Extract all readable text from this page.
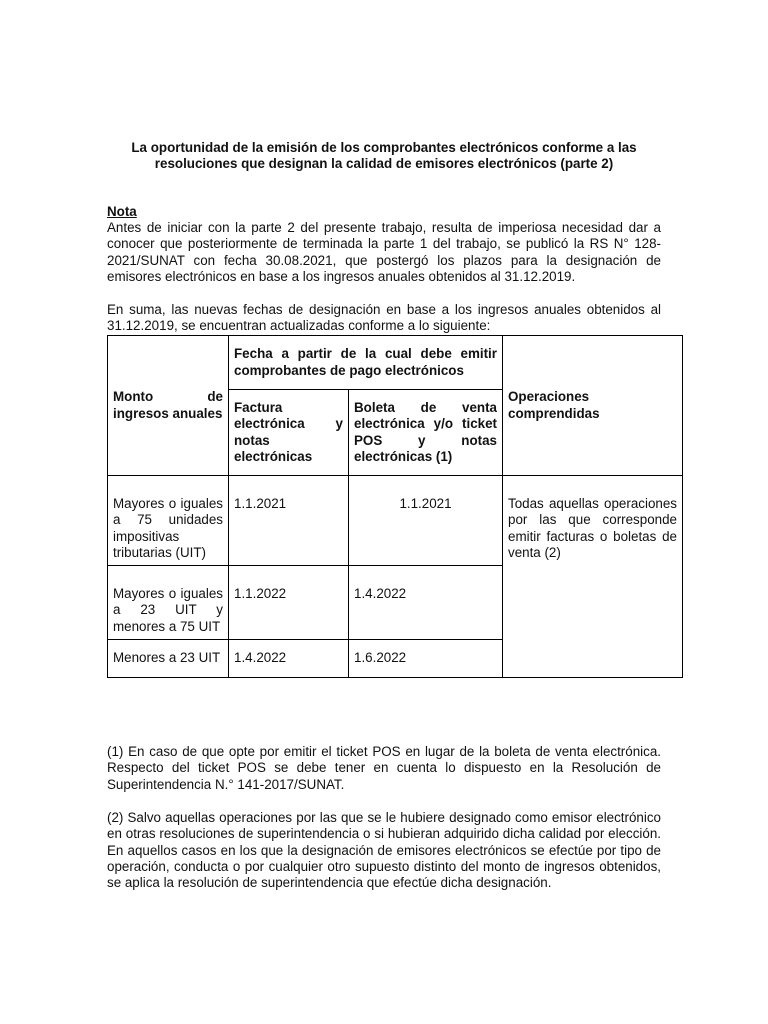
La oportunidad de la emisión de los comprobantes electrónicos conforme a las resoluciones que designan la calidad de emisores electrónicos (parte 2)
Nota
Antes de iniciar con la parte 2 del presente trabajo, resulta de imperiosa necesidad dar a conocer que posteriormente de terminada la parte 1 del trabajo, se publicó la RS N° 128-2021/SUNAT con fecha 30.08.2021, que postergó los plazos para la designación de emisores electrónicos en base a los ingresos anuales obtenidos al 31.12.2019.
En suma, las nuevas fechas de designación en base a los ingresos anuales obtenidos al 31.12.2019, se encuentran actualizadas conforme a lo siguiente:
Monto de ingresos anuales	Fecha a partir de la cual debe emitir comprobantes de pago electrónicos		Operaciones comprendidas
	Factura electrónica y notas electrónicas	Boleta de venta electrónica y/o ticket POS y notas electrónicas (1)	
Mayores o iguales a 75 unidades impositivas tributarias (UIT)	1.1.2021	1.1.2021	Todas aquellas operaciones por las que corresponde emitir facturas o boletas de venta (2)
Mayores o iguales a 23 UIT y menores a 75 UIT	1.1.2022	1.4.2022	
Menores a 23 UIT	1.4.2022	1.6.2022	
(1) En caso de que opte por emitir el ticket POS en lugar de la boleta de venta electrónica. Respecto del ticket POS se debe tener en cuenta lo dispuesto en la Resolución de Superintendencia N.° 141-2017/SUNAT.
(2) Salvo aquellas operaciones por las que se le hubiere designado como emisor electrónico en otras resoluciones de superintendencia o si hubieran adquirido dicha calidad por elección. En aquellos casos en los que la designación de emisores electrónicos se efectúe por tipo de operación, conducta o por cualquier otro supuesto distinto del monto de ingresos obtenidos, se aplica la resolución de superintendencia que efectúe dicha designación.
